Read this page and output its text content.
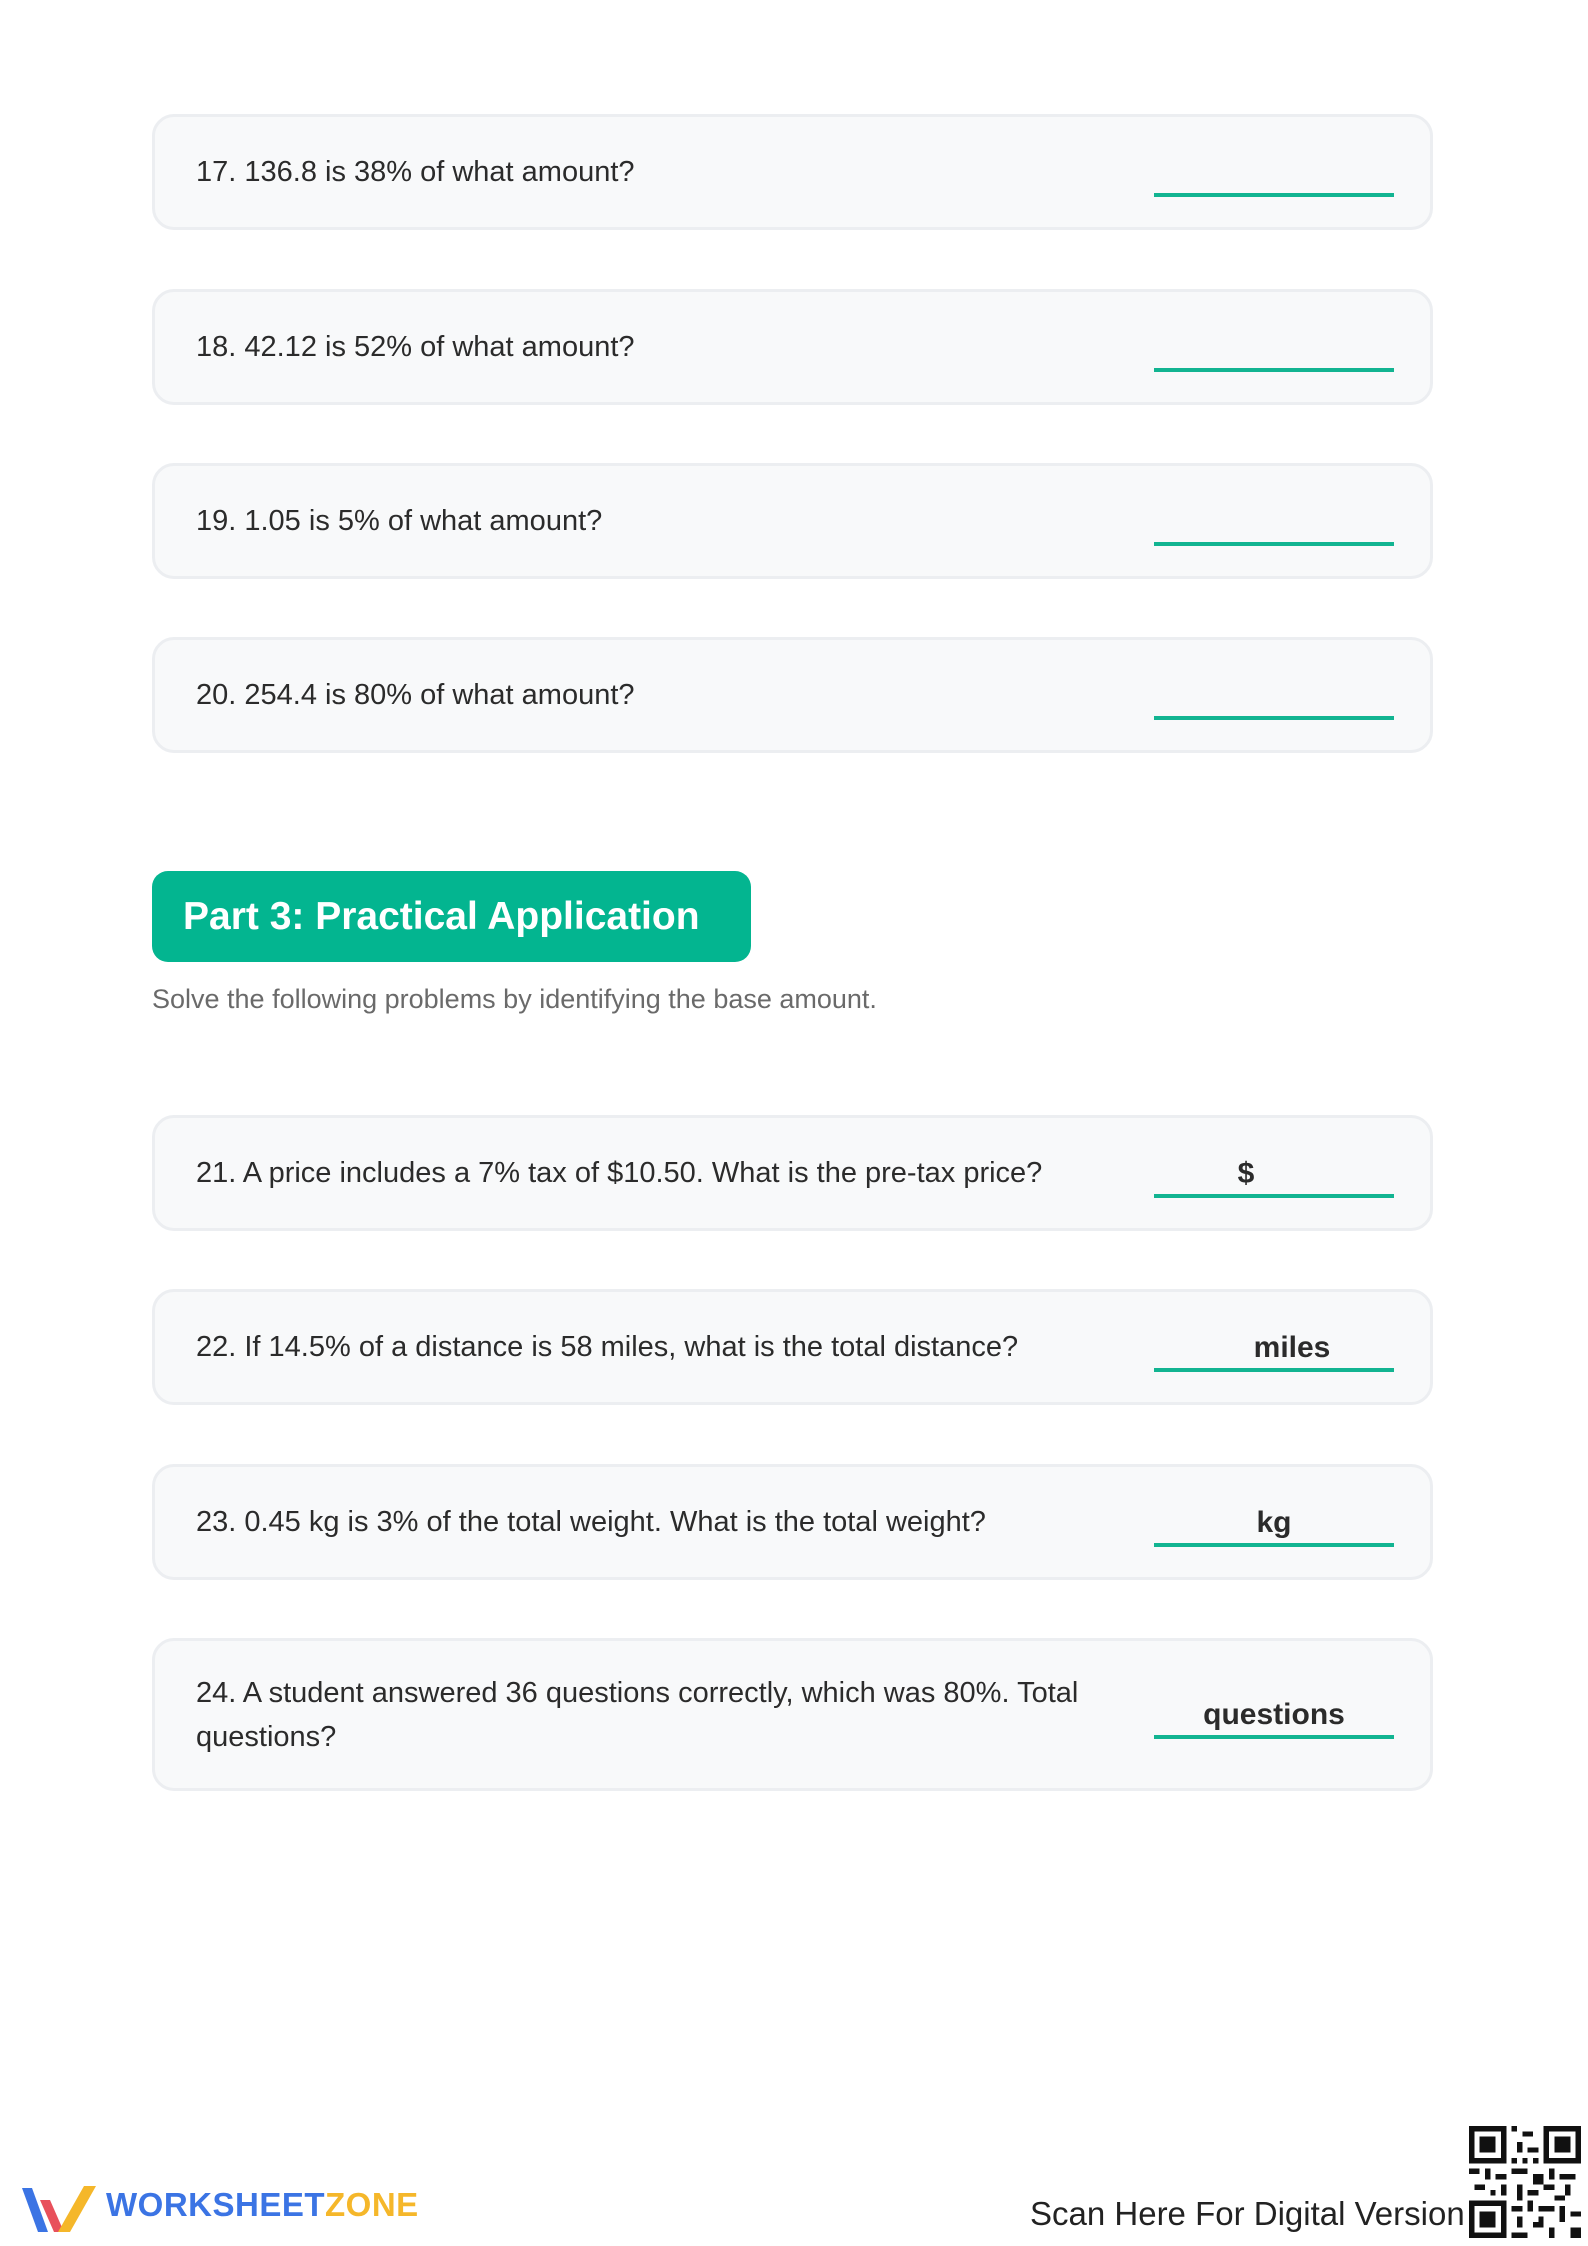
17. 136.8 is 38% of what amount?
18. 42.12 is 52% of what amount?
19. 1.05 is 5% of what amount?
20. 254.4 is 80% of what amount?
Part 3: Practical Application
Solve the following problems by identifying the base amount.
21. A price includes a 7% tax of $10.50. What is the pre-tax price?	$
22. If 14.5% of a distance is 58 miles, what is the total distance?	miles
23. 0.45 kg is 3% of the total weight. What is the total weight?	kg
24. A student answered 36 questions correctly, which was 80%. Total questions?
questions
WORKSHEETZONE	Scan Here For Digital Version
